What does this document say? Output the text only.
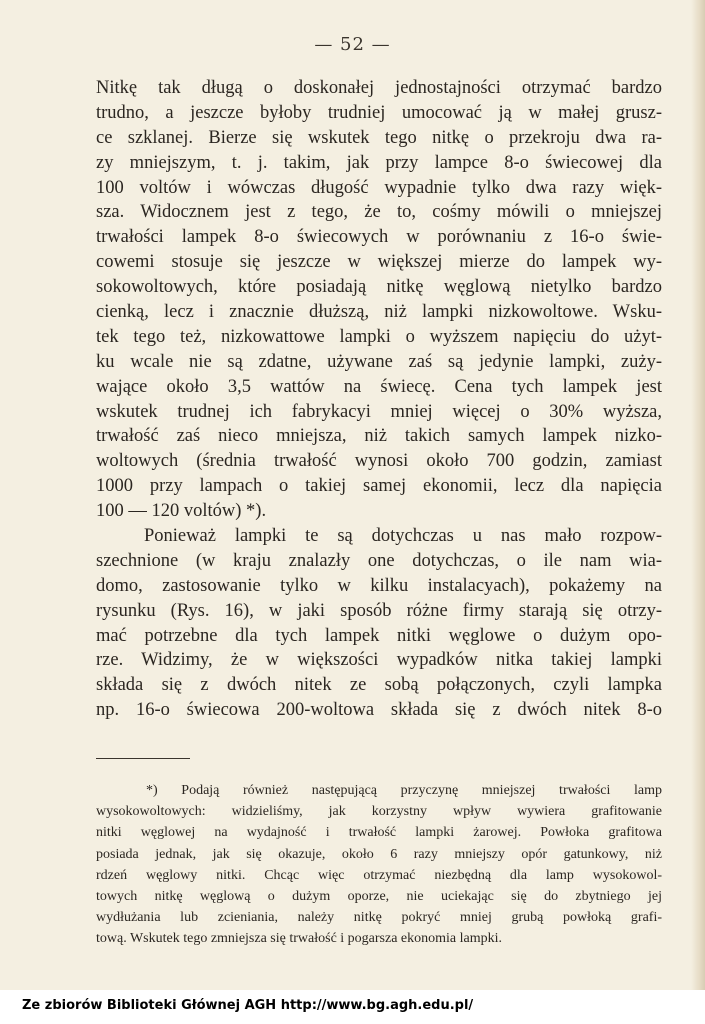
— 52 —
Nitkę tak długą o doskonałej jednostajności otrzymać bardzo
trudno, a jeszcze byłoby trudniej umocować ją w małej grusz-
ce szklanej. Bierze się wskutek tego nitkę o przekroju dwa ra-
zy mniejszym, t. j. takim, jak przy lampce 8-o świecowej dla
100 voltów i wówczas długość wypadnie tylko dwa razy więk-
sza. Widocznem jest z tego, że to, cośmy mówili o mniejszej
trwałości lampek 8-o świecowych w porównaniu z 16-o świe-
cowemi stosuje się jeszcze w większej mierze do lampek wy-
sokowoltowych, które posiadają nitkę węglową nietylko bardzo
cienką, lecz i znacznie dłuższą, niż lampki nizkowoltowe. Wsku-
tek tego też, nizkowattowe lampki o wyższem napięciu do użyt-
ku wcale nie są zdatne, używane zaś są jedynie lampki, zuży-
wające około 3,5 wattów na świecę. Cena tych lampek jest
wskutek trudnej ich fabrykacyi mniej więcej o 30% wyższa,
trwałość zaś nieco mniejsza, niż takich samych lampek nizko-
woltowych (średnia trwałość wynosi około 700 godzin, zamiast
1000 przy lampach o takiej samej ekonomii, lecz dla napięcia
100 — 120 voltów) *).
Ponieważ lampki te są dotychczas u nas mało rozpow-
szechnione (w kraju znalazły one dotychczas, o ile nam wia-
domo, zastosowanie tylko w kilku instalacyach), pokażemy na
rysunku (Rys. 16), w jaki sposób różne firmy starają się otrzy-
mać potrzebne dla tych lampek nitki węglowe o dużym opo-
rze. Widzimy, że w większości wypadków nitka takiej lampki
składa się z dwóch nitek ze sobą połączonych, czyli lampka
np. 16-o świecowa 200-woltowa składa się z dwóch nitek 8-o
*) Podają również następującą przyczynę mniejszej trwałości lamp
wysokowoltowych: widzieliśmy, jak korzystny wpływ wywiera grafitowanie
nitki węglowej na wydajność i trwałość lampki żarowej. Powłoka grafitowa
posiada jednak, jak się okazuje, około 6 razy mniejszy opór gatunkowy, niż
rdzeń węglowy nitki. Chcąc więc otrzymać niezbędną dla lamp wysokowol-
towych nitkę węglową o dużym oporze, nie uciekając się do zbytniego jej
wydłużania lub zcieniania, należy nitkę pokryć mniej grubą powłoką grafi-
tową. Wskutek tego zmniejsza się trwałość i pogarsza ekonomia lampki.
Ze zbiorów Biblioteki Głównej AGH http://www.bg.agh.edu.pl/
